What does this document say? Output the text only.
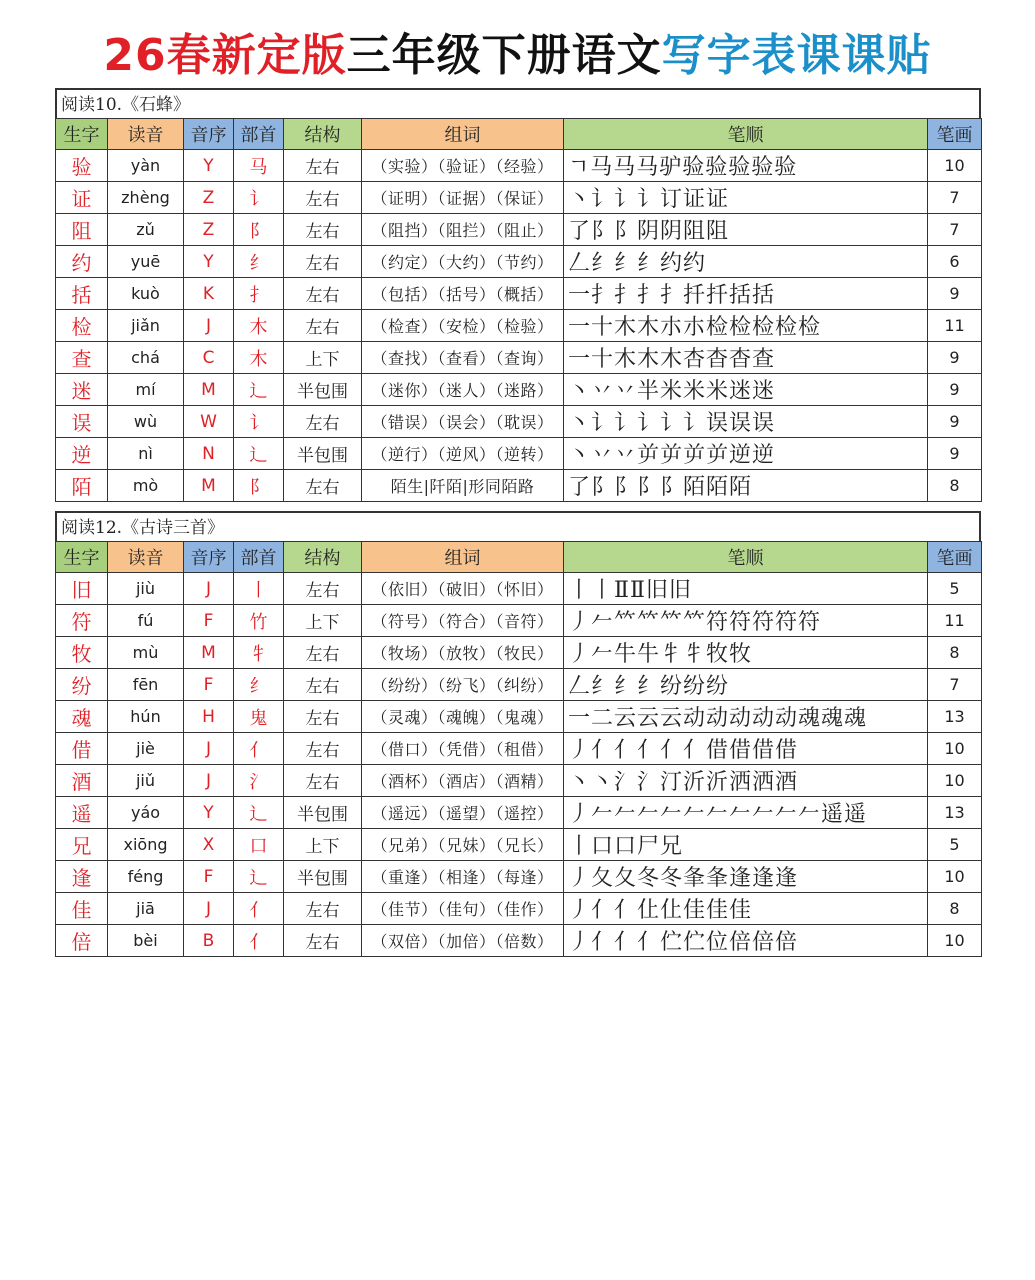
26春新定版三年级下册语文写字表课课贴
阅读10.《石蜂》
生字	读音	音序	部首	结构	组词	笔顺	笔画
验	yàn	Y	马	左右	（实验）（验证）（经验）	ㄱ马马马驴验验验验验	10
证	zhèng	Z	讠	左右	（证明）（证据）（保证）	丶讠讠讠订证证	7
阻	zǔ	Z	阝	左右	（阻挡）（阻拦）（阻止）	了阝阝阴阴阻阻	7
约	yuē	Y	纟	左右	（约定）（大约）（节约）	𠃋纟纟纟约约	6
括	kuò	K	扌	左右	（包括）（括号）（概括）	一扌扌扌扌扦扦括括	9
检	jiǎn	J	木	左右	（检查）（安检）（检验）	一十木木朩朩检检检检检	11
查	chá	C	木	上下	（查找）（查看）（查询）	一十木木木杏杳杳查	9
迷	mí	M	辶	半包围	（迷你）（迷人）（迷路）	丶丷丷半米米米迷迷	9
误	wù	W	讠	左右	（错误）（误会）（耽误）	丶讠讠讠讠讠误误误	9
逆	nì	N	辶	半包围	（逆行）（逆风）（逆转）	丶丷丷屰屰屰屰逆逆	9
陌	mò	M	阝	左右	陌生|阡陌|形同陌路	了阝阝阝阝陌陌陌	8
阅读12.《古诗三首》
生字	读音	音序	部首	结构	组词	笔顺	笔画
旧	jiù	J	丨	左右	（依旧）（破旧）（怀旧）	丨丨ⅡⅡ旧旧	5
符	fú	F	竹	上下	（符号）（符合）（音符）	丿𠂉𥫗𥫗𥫗𥫗符符符符符	11
牧	mù	M	牜	左右	（牧场）（放牧）（牧民）	丿𠂉牛牛牜牜牧牧	8
纷	fēn	F	纟	左右	（纷纷）（纷飞）（纠纷）	𠃋纟纟纟纷纷纷	7
魂	hún	H	鬼	左右	（灵魂）（魂魄）（鬼魂）	一二云云云动动动动动魂魂魂	13
借	jiè	J	亻	左右	（借口）（凭借）（租借）	丿亻亻亻亻亻借借借借	10
酒	jiǔ	J	氵	左右	（酒杯）（酒店）（酒精）	丶丶氵氵汀沂沂洒洒酒	10
遥	yáo	Y	辶	半包围	（遥远）（遥望）（遥控）	丿𠂉𠂉𠂉𠂉𠂉𠂉𠂉𠂉𠂉𠂉遥遥	13
兄	xiōng	X	口	上下	（兄弟）（兄妹）（兄长）	丨口口尸兄	5
逢	féng	F	辶	半包围	（重逢）（相逢）（每逢）	丿夂夂冬冬夆夆逢逢逢	10
佳	jiā	J	亻	左右	（佳节）（佳句）（佳作）	丿亻亻仩仩佳佳佳	8
倍	bèi	B	亻	左右	（双倍）（加倍）（倍数）	丿亻亻亻伫伫位倍倍倍	10
